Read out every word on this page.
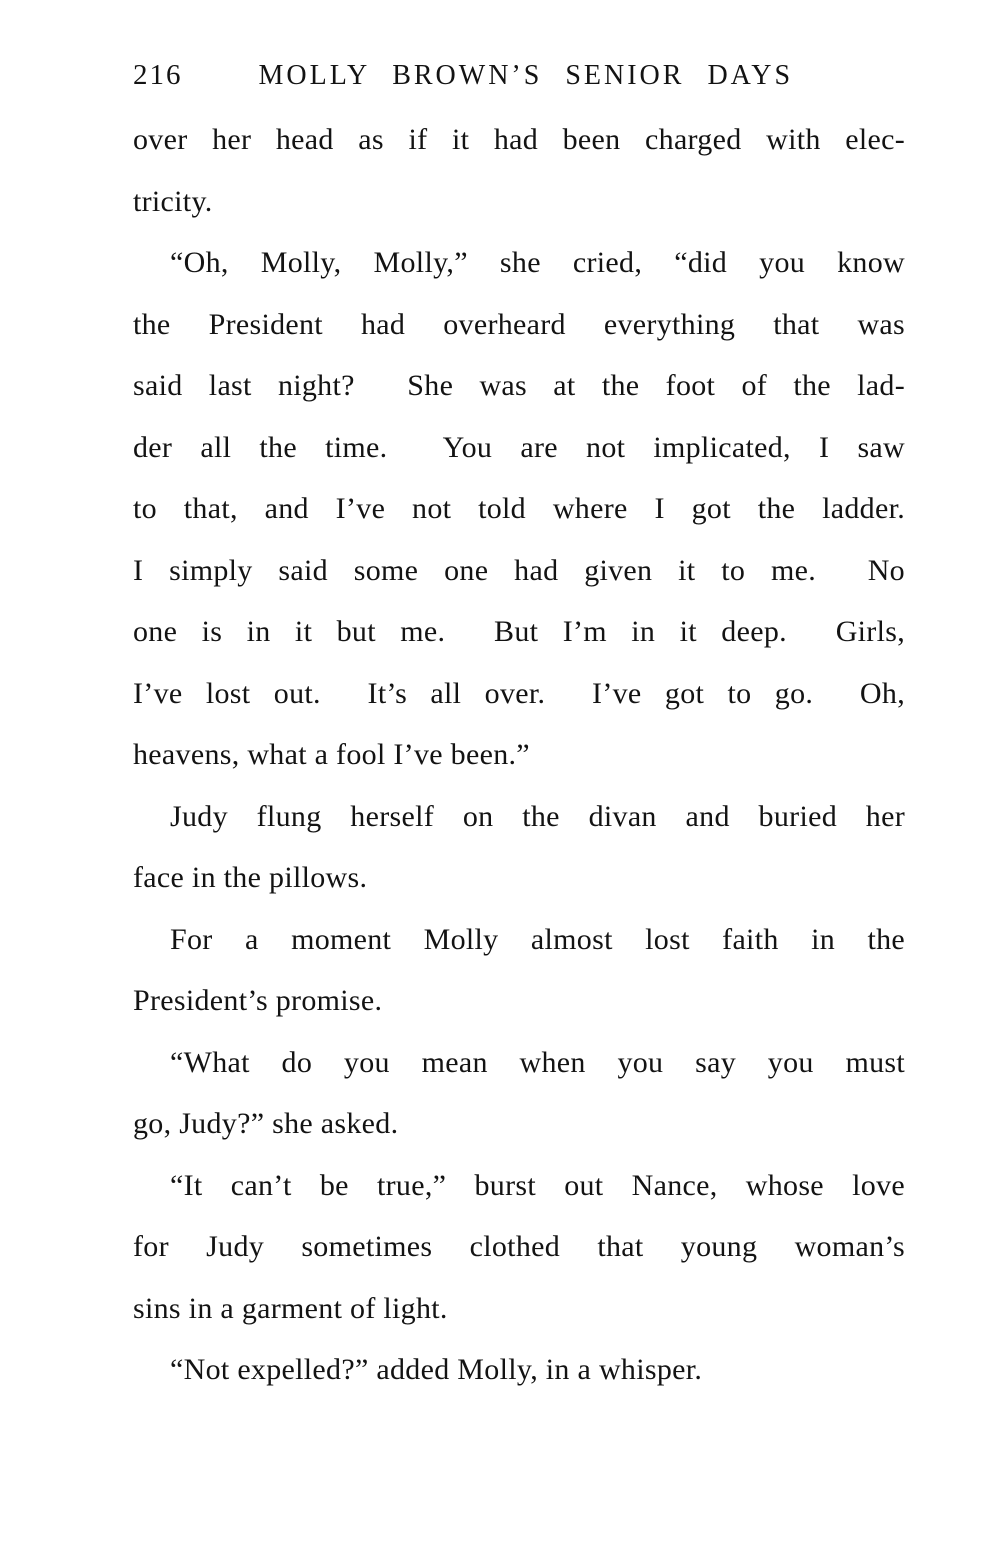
216	MOLLY BROWN’S SENIOR DAYS
over her head as if it had been charged with elec-
tricity.
“Oh, Molly, Molly,” she cried, “did you know
the President had overheard everything that was
said last night?  She was at the foot of the lad-
der all the time.  You are not implicated, I saw
to that, and I’ve not told where I got the ladder.
I simply said some one had given it to me.  No
one is in it but me.  But I’m in it deep.  Girls,
I’ve lost out.  It’s all over.  I’ve got to go.  Oh,
heavens, what a fool I’ve been.”
Judy flung herself on the divan and buried her
face in the pillows.
For a moment Molly almost lost faith in the
President’s promise.
“What do you mean when you say you must
go, Judy?” she asked.
“It can’t be true,” burst out Nance, whose love
for Judy sometimes clothed that young woman’s
sins in a garment of light.
“Not expelled?” added Molly, in a whisper.
